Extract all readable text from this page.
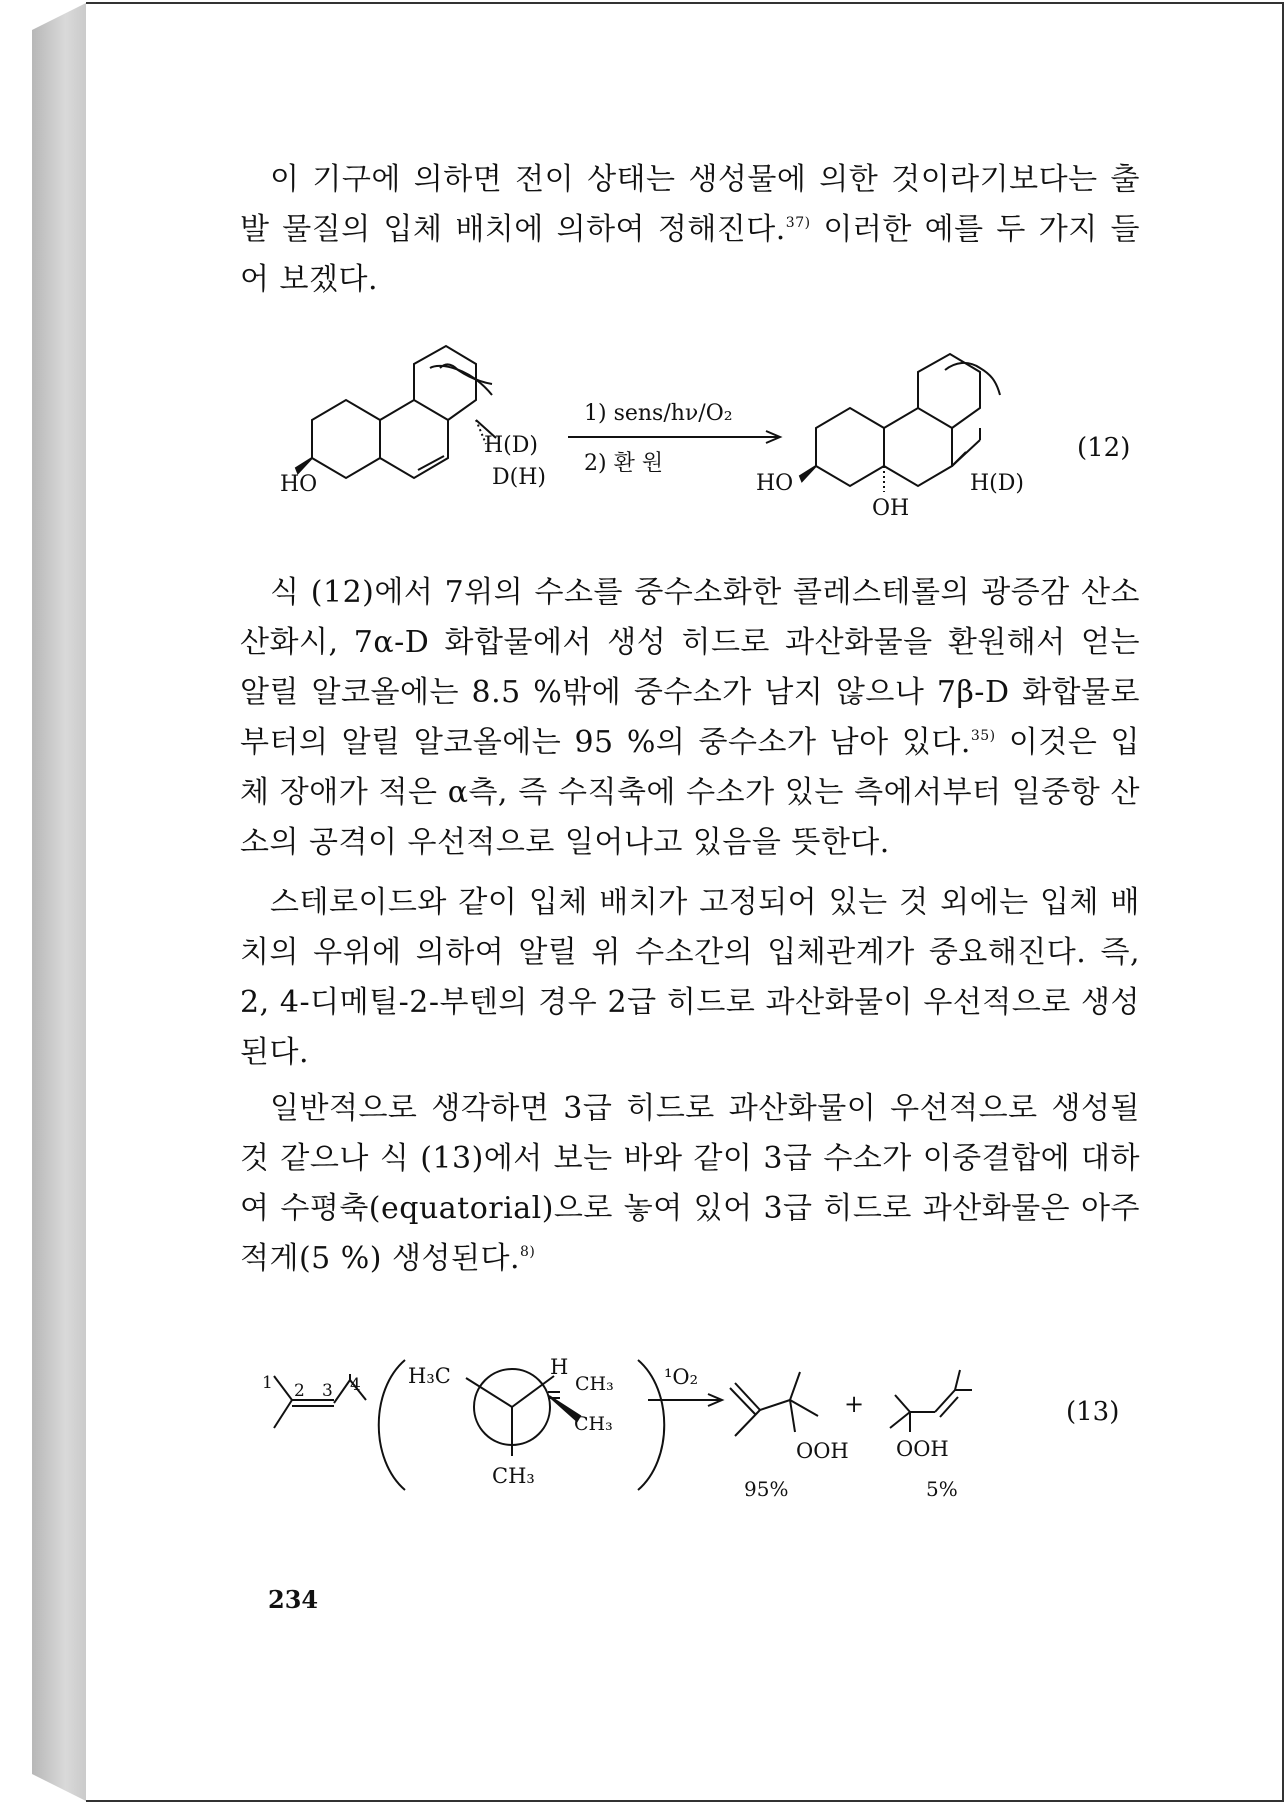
이 기구에 의하면 전이 상태는 생성물에 의한 것이라기보다는 출발 물질의 입체 배치에 의하여 정해진다.$^{37)}$ 이러한 예를 두 가지 들어 보겠다.

HO
H(D)
D(H)
1) sens/hν/O₂
2) 환 원
HO
OH
H(D)
(12)
1 2 3 4 H₃C	H
CH₃
CH₃
CH₃
¹O₂
+
OOH OOH
95%	5%
(13)

식 (12)에서 7위의 수소를 중수소화한 콜레스테롤의 광증감 산소산화시, 7α-D 화합물에서 생성 히드로 과산화물을 환원해서 얻는 알릴 알코올에는 8.5 %밖에 중수소가 남지 않으나 7β-D 화합물로부터의 알릴 알코올에는 95 %의 중수소가 남아 있다.$^{35)}$ 이것은 입체 장애가 적은 α측, 즉 수직축에 수소가 있는 측에서부터 일중항 산소의 공격이 우선적으로 일어나고 있음을 뜻한다.

스테로이드와 같이 입체 배치가 고정되어 있는 것 외에는 입체 배치의 우위에 의하여 알릴 위 수소간의 입체관계가 중요해진다. 즉, 2, 4-디메틸-2-부텐의 경우 2급 히드로 과산화물이 우선적으로 생성된다.

일반적으로 생각하면 3급 히드로 과산화물이 우선적으로 생성될 것 같으나 식 (13)에서 보는 바와 같이 3급 수소가 이중결합에 대하여 수평축(equatorial)으로 놓여 있어 3급 히드로 과산화물은 아주 적게(5 %) 생성된다.$^{8)}$

234
